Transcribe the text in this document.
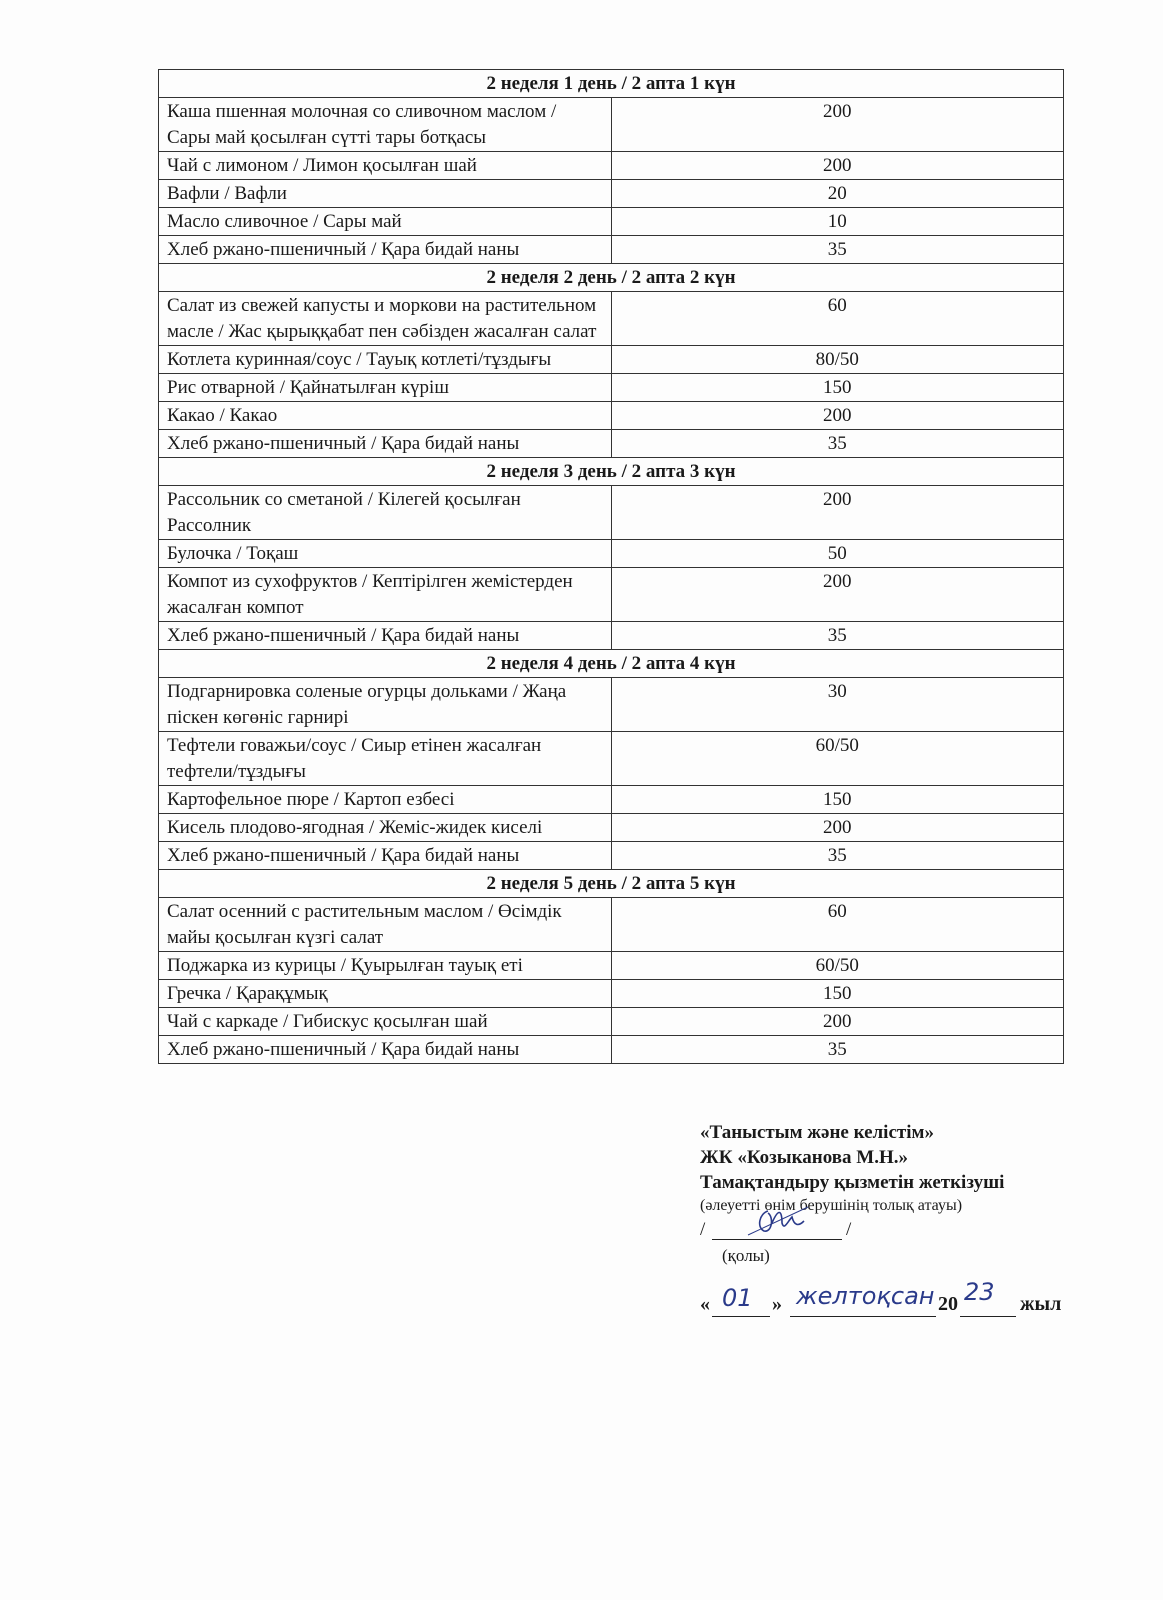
2 неделя 1 день / 2 апта 1 күн	
Каша пшенная молочная со сливочном маслом / Сары май қосылған сүтті тары ботқасы	200
Чай с лимоном / Лимон қосылған шай	200
Вафли / Вафли	20
Масло сливочное / Сары май	10
Хлеб ржано-пшеничный / Қара бидай наны	35
2 неделя 2 день / 2 апта 2 күн	
Салат из свежей капусты и моркови на растительном масле / Жас қырыққабат пен сәбізден жасалған салат	60
Котлета куринная/соус / Тауық котлеті/тұздығы	80/50
Рис отварной / Қайнатылған күріш	150
Какао / Какао	200
Хлеб ржано-пшеничный / Қара бидай наны	35
2 неделя 3 день / 2 апта 3 күн	
Рассольник со сметаной / Кілегей қосылған Рассолник	200
Булочка / Тоқаш	50
Компот из сухофруктов / Кептірілген жемістерден жасалған компот	200
Хлеб ржано-пшеничный / Қара бидай наны	35
2 неделя 4 день / 2 апта 4 күн	
Подгарнировка соленые огурцы дольками / Жаңа піскен көгөніс гарнирі	30
Тефтели говажьи/соус / Сиыр етінен жасалған тефтели/тұздығы	60/50
Картофельное пюре / Картоп езбесі	150
Кисель плодово-ягодная / Жеміс-жидек киселі	200
Хлеб ржано-пшеничный / Қара бидай наны	35
2 неделя 5 день / 2 апта 5 күн	
Салат осенний с растительным маслом / Өсімдік майы қосылған күзгі салат	60
Поджарка из курицы / Қуырылған тауық еті	60/50
Гречка / Қарақұмық	150
Чай с каркаде / Гибискус қосылған шай	200
Хлеб ржано-пшеничный / Қара бидай наны	35
«Таныстым және келістім»
ЖК «Козыканова М.Н.»
Тамақтандыру қызметін жеткізуші
(әлеуетті өнім берушінің толық атауы)
/	/
(қолы)
« 01 » желтоқсан 20 23 жыл
